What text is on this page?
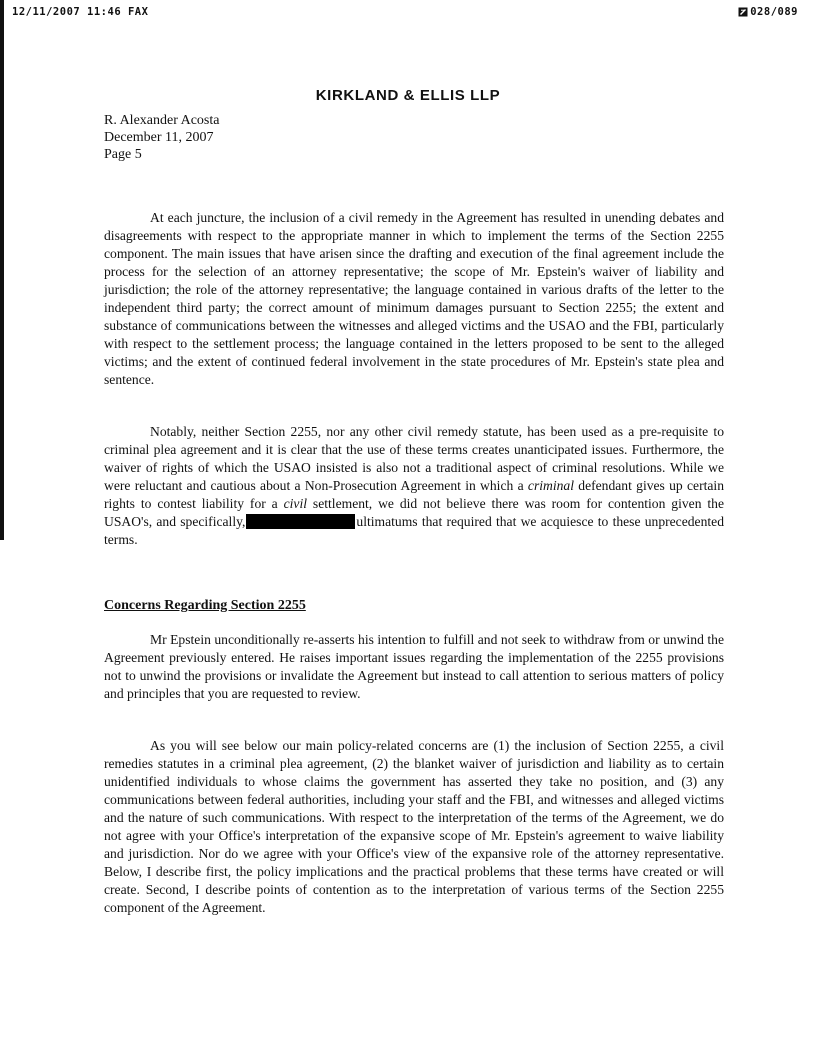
12/11/2007 11:46 FAX	028/089
KIRKLAND & ELLIS LLP
R. Alexander Acosta
December 11, 2007
Page 5

At each juncture, the inclusion of a civil remedy in the Agreement has resulted in unending debates and disagreements with respect to the appropriate manner in which to implement the terms of the Section 2255 component. The main issues that have arisen since the drafting and execution of the final agreement include the process for the selection of an attorney representative; the scope of Mr. Epstein's waiver of liability and jurisdiction; the role of the attorney representative; the language contained in various drafts of the letter to the independent third party; the correct amount of minimum damages pursuant to Section 2255; the extent and substance of communications between the witnesses and alleged victims and the USAO and the FBI, particularly with respect to the settlement process; the language contained in the letters proposed to be sent to the alleged victims; and the extent of continued federal involvement in the state procedures of Mr. Epstein's state plea and sentence.

Notably, neither Section 2255, nor any other civil remedy statute, has been used as a pre-requisite to criminal plea agreement and it is clear that the use of these terms creates unanticipated issues. Furthermore, the waiver of rights of which the USAO insisted is also not a traditional aspect of criminal resolutions. While we were reluctant and cautious about a Non-Prosecution Agreement in which a criminal defendant gives up certain rights to contest liability for a civil settlement, we did not believe there was room for contention given the USAO's, and specifically,	ultimatums that required that we acquiesce to these unprecedented terms.

Concerns Regarding Section 2255

Mr Epstein unconditionally re-asserts his intention to fulfill and not seek to withdraw from or unwind the Agreement previously entered. He raises important issues regarding the implementation of the 2255 provisions not to unwind the provisions or invalidate the Agreement but instead to call attention to serious matters of policy and principles that you are requested to review.

As you will see below our main policy-related concerns are (1) the inclusion of Section 2255, a civil remedies statutes in a criminal plea agreement, (2) the blanket waiver of jurisdiction and liability as to certain unidentified individuals to whose claims the government has asserted they take no position, and (3) any communications between federal authorities, including your staff and the FBI, and witnesses and alleged victims and the nature of such communications. With respect to the interpretation of the terms of the Agreement, we do not agree with your Office's interpretation of the expansive scope of Mr. Epstein's agreement to waive liability and jurisdiction. Nor do we agree with your Office's view of the expansive role of the attorney representative. Below, I describe first, the policy implications and the practical problems that these terms have created or will create. Second, I describe points of contention as to the interpretation of various terms of the Section 2255 component of the Agreement.
